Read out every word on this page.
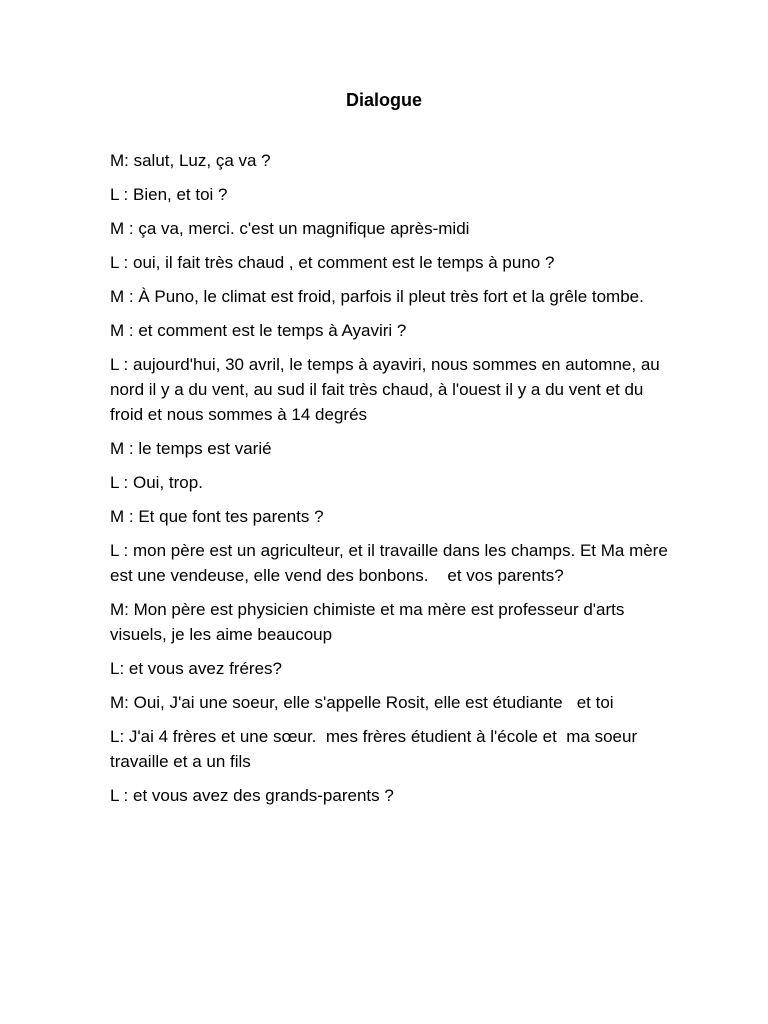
Dialogue
M: salut, Luz, ça va ?
L : Bien, et toi ?
M : ça va, merci. c'est un magnifique après-midi
L : oui, il fait très chaud , et comment est le temps à puno ?
M : À Puno, le climat est froid, parfois il pleut très fort et la grêle tombe.
M : et comment est le temps à Ayaviri ?
L : aujourd'hui, 30 avril, le temps à ayaviri, nous sommes en automne, au nord il y a du vent, au sud il fait très chaud, à l'ouest il y a du vent et du froid et nous sommes à 14 degrés
M : le temps est varié
L : Oui, trop.
M : Et que font tes parents ?
L : mon père est un agriculteur, et il travaille dans les champs. Et Ma mère est une vendeuse, elle vend des bonbons.    et vos parents?
M: Mon père est physicien chimiste et ma mère est professeur d'arts visuels, je les aime beaucoup
L: et vous avez fréres?
M: Oui, J'ai une soeur, elle s'appelle Rosit, elle est étudiante   et toi
L: J'ai 4 frères et une sœur.  mes frères étudient à l'école et  ma soeur travaille et a un fils
L : et vous avez des grands-parents ?
